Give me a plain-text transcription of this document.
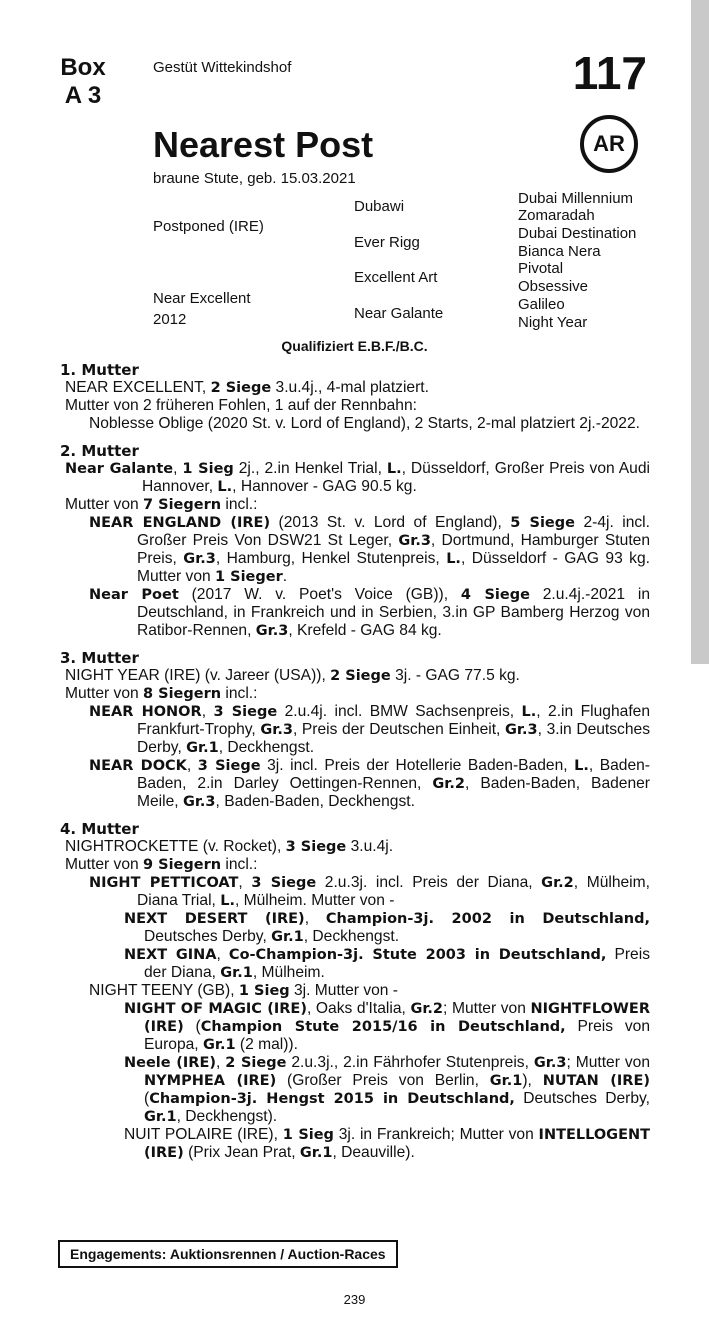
Box
A 3
Gestüt Wittekindshof	117
Nearest Post	AR
braune Stute, geb. 15.03.2021
Postponed (IRE)
Near Excellent
2012
Dubawi
Ever Rigg
Excellent Art
Near Galante
Dubai Millennium
Zomaradah
Dubai Destination
Bianca Nera
Pivotal
Obsessive
Galileo
Night Year
Qualifiziert E.B.F./B.C.
1. Mutter
NEAR EXCELLENT, 2 Siege 3.u.4j., 4-mal platziert.
Mutter von 2 früheren Fohlen, 1 auf der Rennbahn:
Noblesse Oblige (2020 St. v. Lord of England), 2 Starts, 2-mal platziert 2j.-2022.
2. Mutter
Near Galante, 1 Sieg 2j., 2.in Henkel Trial, L., Düsseldorf, Großer Preis von Audi Hannover, L., Hannover - GAG 90.5 kg.
Mutter von 7 Siegern incl.:
NEAR ENGLAND (IRE) (2013 St. v. Lord of England), 5 Siege 2-4j. incl. Großer Preis Von DSW21 St Leger, Gr.3, Dortmund, Hamburger Stuten Preis, Gr.3, Hamburg, Henkel Stutenpreis, L., Düsseldorf - GAG 93 kg. Mutter von 1 Sieger.
Near Poet (2017 W. v. Poet's Voice (GB)), 4 Siege 2.u.4j.-2021 in Deutschland, in Frankreich und in Serbien, 3.in GP Bamberg Herzog von Ratibor-Rennen, Gr.3, Krefeld - GAG 84 kg.
3. Mutter
NIGHT YEAR (IRE) (v. Jareer (USA)), 2 Siege 3j. - GAG 77.5 kg.
Mutter von 8 Siegern incl.:
NEAR HONOR, 3 Siege 2.u.4j. incl. BMW Sachsenpreis, L., 2.in Flughafen Frankfurt-Trophy, Gr.3, Preis der Deutschen Einheit, Gr.3, 3.in Deutsches Derby, Gr.1, Deckhengst.
NEAR DOCK, 3 Siege 3j. incl. Preis der Hotellerie Baden-Baden, L., Baden-Baden, 2.in Darley Oettingen-Rennen, Gr.2, Baden-Baden, Badener Meile, Gr.3, Baden-Baden, Deckhengst.
4. Mutter
NIGHTROCKETTE (v. Rocket), 3 Siege 3.u.4j.
Mutter von 9 Siegern incl.:
NIGHT PETTICOAT, 3 Siege 2.u.3j. incl. Preis der Diana, Gr.2, Mülheim, Diana Trial, L., Mülheim. Mutter von -
NEXT DESERT (IRE), Champion-3j. 2002 in Deutschland, Deutsches Derby, Gr.1, Deckhengst.
NEXT GINA, Co-Champion-3j. Stute 2003 in Deutschland, Preis der Diana, Gr.1, Mülheim.
NIGHT TEENY (GB), 1 Sieg 3j. Mutter von -
NIGHT OF MAGIC (IRE), Oaks d'Italia, Gr.2; Mutter von NIGHTFLOWER (IRE) (Champion Stute 2015/16 in Deutschland, Preis von Europa, Gr.1 (2 mal)).
Neele (IRE), 2 Siege 2.u.3j., 2.in Fährhofer Stutenpreis, Gr.3; Mutter von NYMPHEA (IRE) (Großer Preis von Berlin, Gr.1), NUTAN (IRE) (Champion-3j. Hengst 2015 in Deutschland, Deutsches Derby, Gr.1, Deckhengst).
NUIT POLAIRE (IRE), 1 Sieg 3j. in Frankreich; Mutter von INTELLOGENT (IRE) (Prix Jean Prat, Gr.1, Deauville).
Engagements: Auktionsrennen / Auction-Races
239
